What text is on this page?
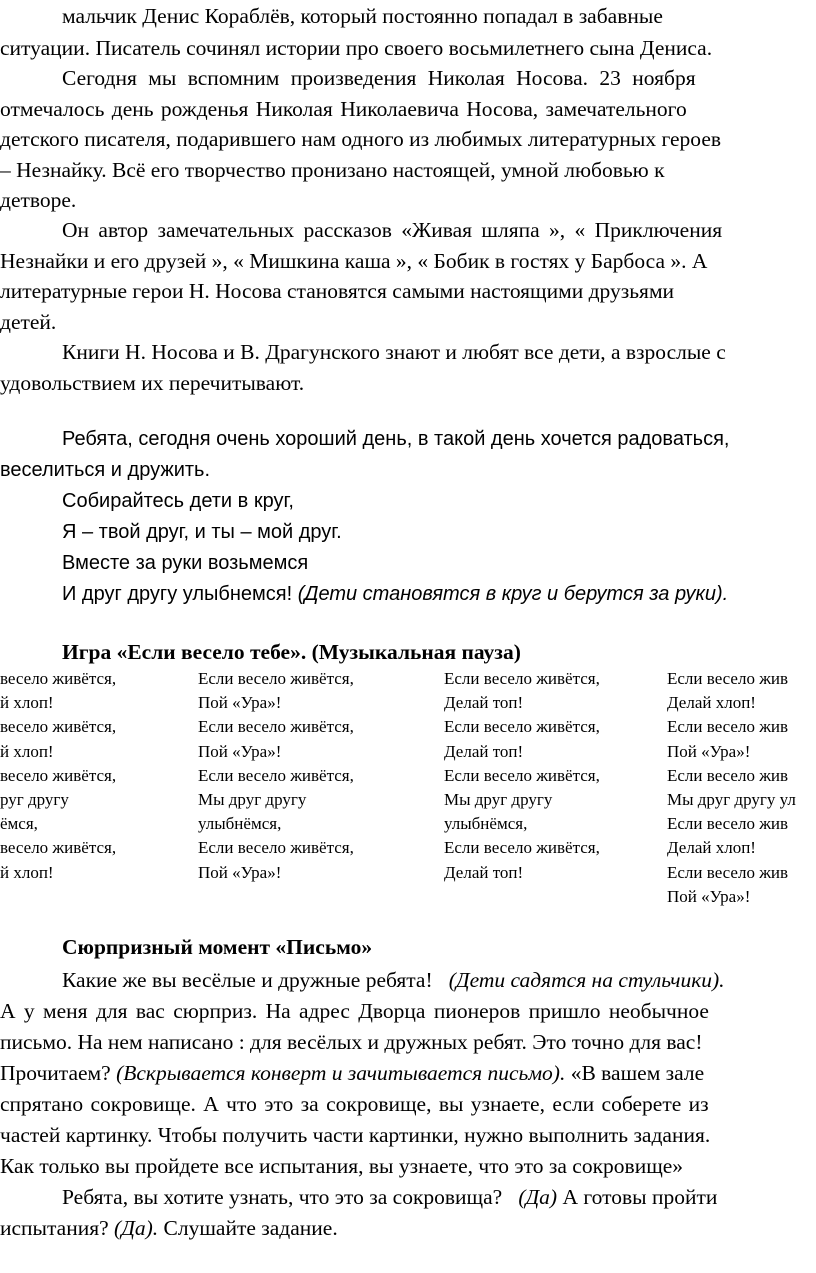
мальчик Денис Кораблёв, который постоянно попадал в забавные
ситуации. Писатель сочинял истории про своего восьмилетнего сына Дениса.
Сегодня мы вспомним произведения Николая Носова. 23 ноября
отмечалось день рожденья Николая Николаевича Носова, замечательного
детского писателя, подарившего нам одного из любимых литературных героев
– Незнайку. Всё его творчество пронизано настоящей, умной любовью к
детворе.
Он автор замечательных рассказов «Живая шляпа », « Приключения
Незнайки и его друзей », « Мишкина каша », « Бобик в гостях у Барбоса ». А
литературные герои Н. Носова становятся самыми настоящими друзьями
детей.
Книги Н. Носова и В. Драгунского знают и любят все дети, а взрослые с
удовольствием их перечитывают.
Ребята, сегодня очень хороший день, в такой день хочется радоваться,
веселиться и дружить.
Собирайтесь дети в круг,
Я – твой друг, и ты – мой друг.
Вместе за руки возьмемся
И друг другу улыбнемся! (Дети становятся в круг и берутся за руки).
Игра «Если весело тебе». (Музыкальная пауза)
весело живётся,
й хлоп!
весело живётся,
й хлоп!
весело живётся,
руг другу
ёмся,
весело живётся,
й хлоп!
Если весело живётся,
Пой «Ура»!
Если весело живётся,
Пой «Ура»!
Если весело живётся,
Мы друг другу
улыбнёмся,
Если весело живётся,
Пой «Ура»!
Если весело живётся,
Делай топ!
Если весело живётся,
Делай топ!
Если весело живётся,
Мы друг другу
улыбнёмся,
Если весело живётся,
Делай топ!
Если весело жив
Делай хлоп!
Если весело жив
Пой «Ура»!
Если весело жив
Мы друг другу ул
Если весело жив
Делай хлоп!
Если весело жив
Пой «Ура»!
Сюрпризный момент «Письмо»
Какие же вы весёлые и дружные ребята! (Дети садятся на стульчики).
А у меня для вас сюрприз. На адрес Дворца пионеров пришло необычное
письмо. На нем написано : для весёлых и дружных ребят. Это точно для вас!
Прочитаем? (Вскрывается конверт и зачитывается письмо). «В вашем зале
спрятано сокровище. А что это за сокровище, вы узнаете, если соберете из
частей картинку. Чтобы получить части картинки, нужно выполнить задания.
Как только вы пройдете все испытания, вы узнаете, что это за сокровище»
Ребята, вы хотите узнать, что это за сокровища? (Да) А готовы пройти
испытания? (Да). Слушайте задание.
